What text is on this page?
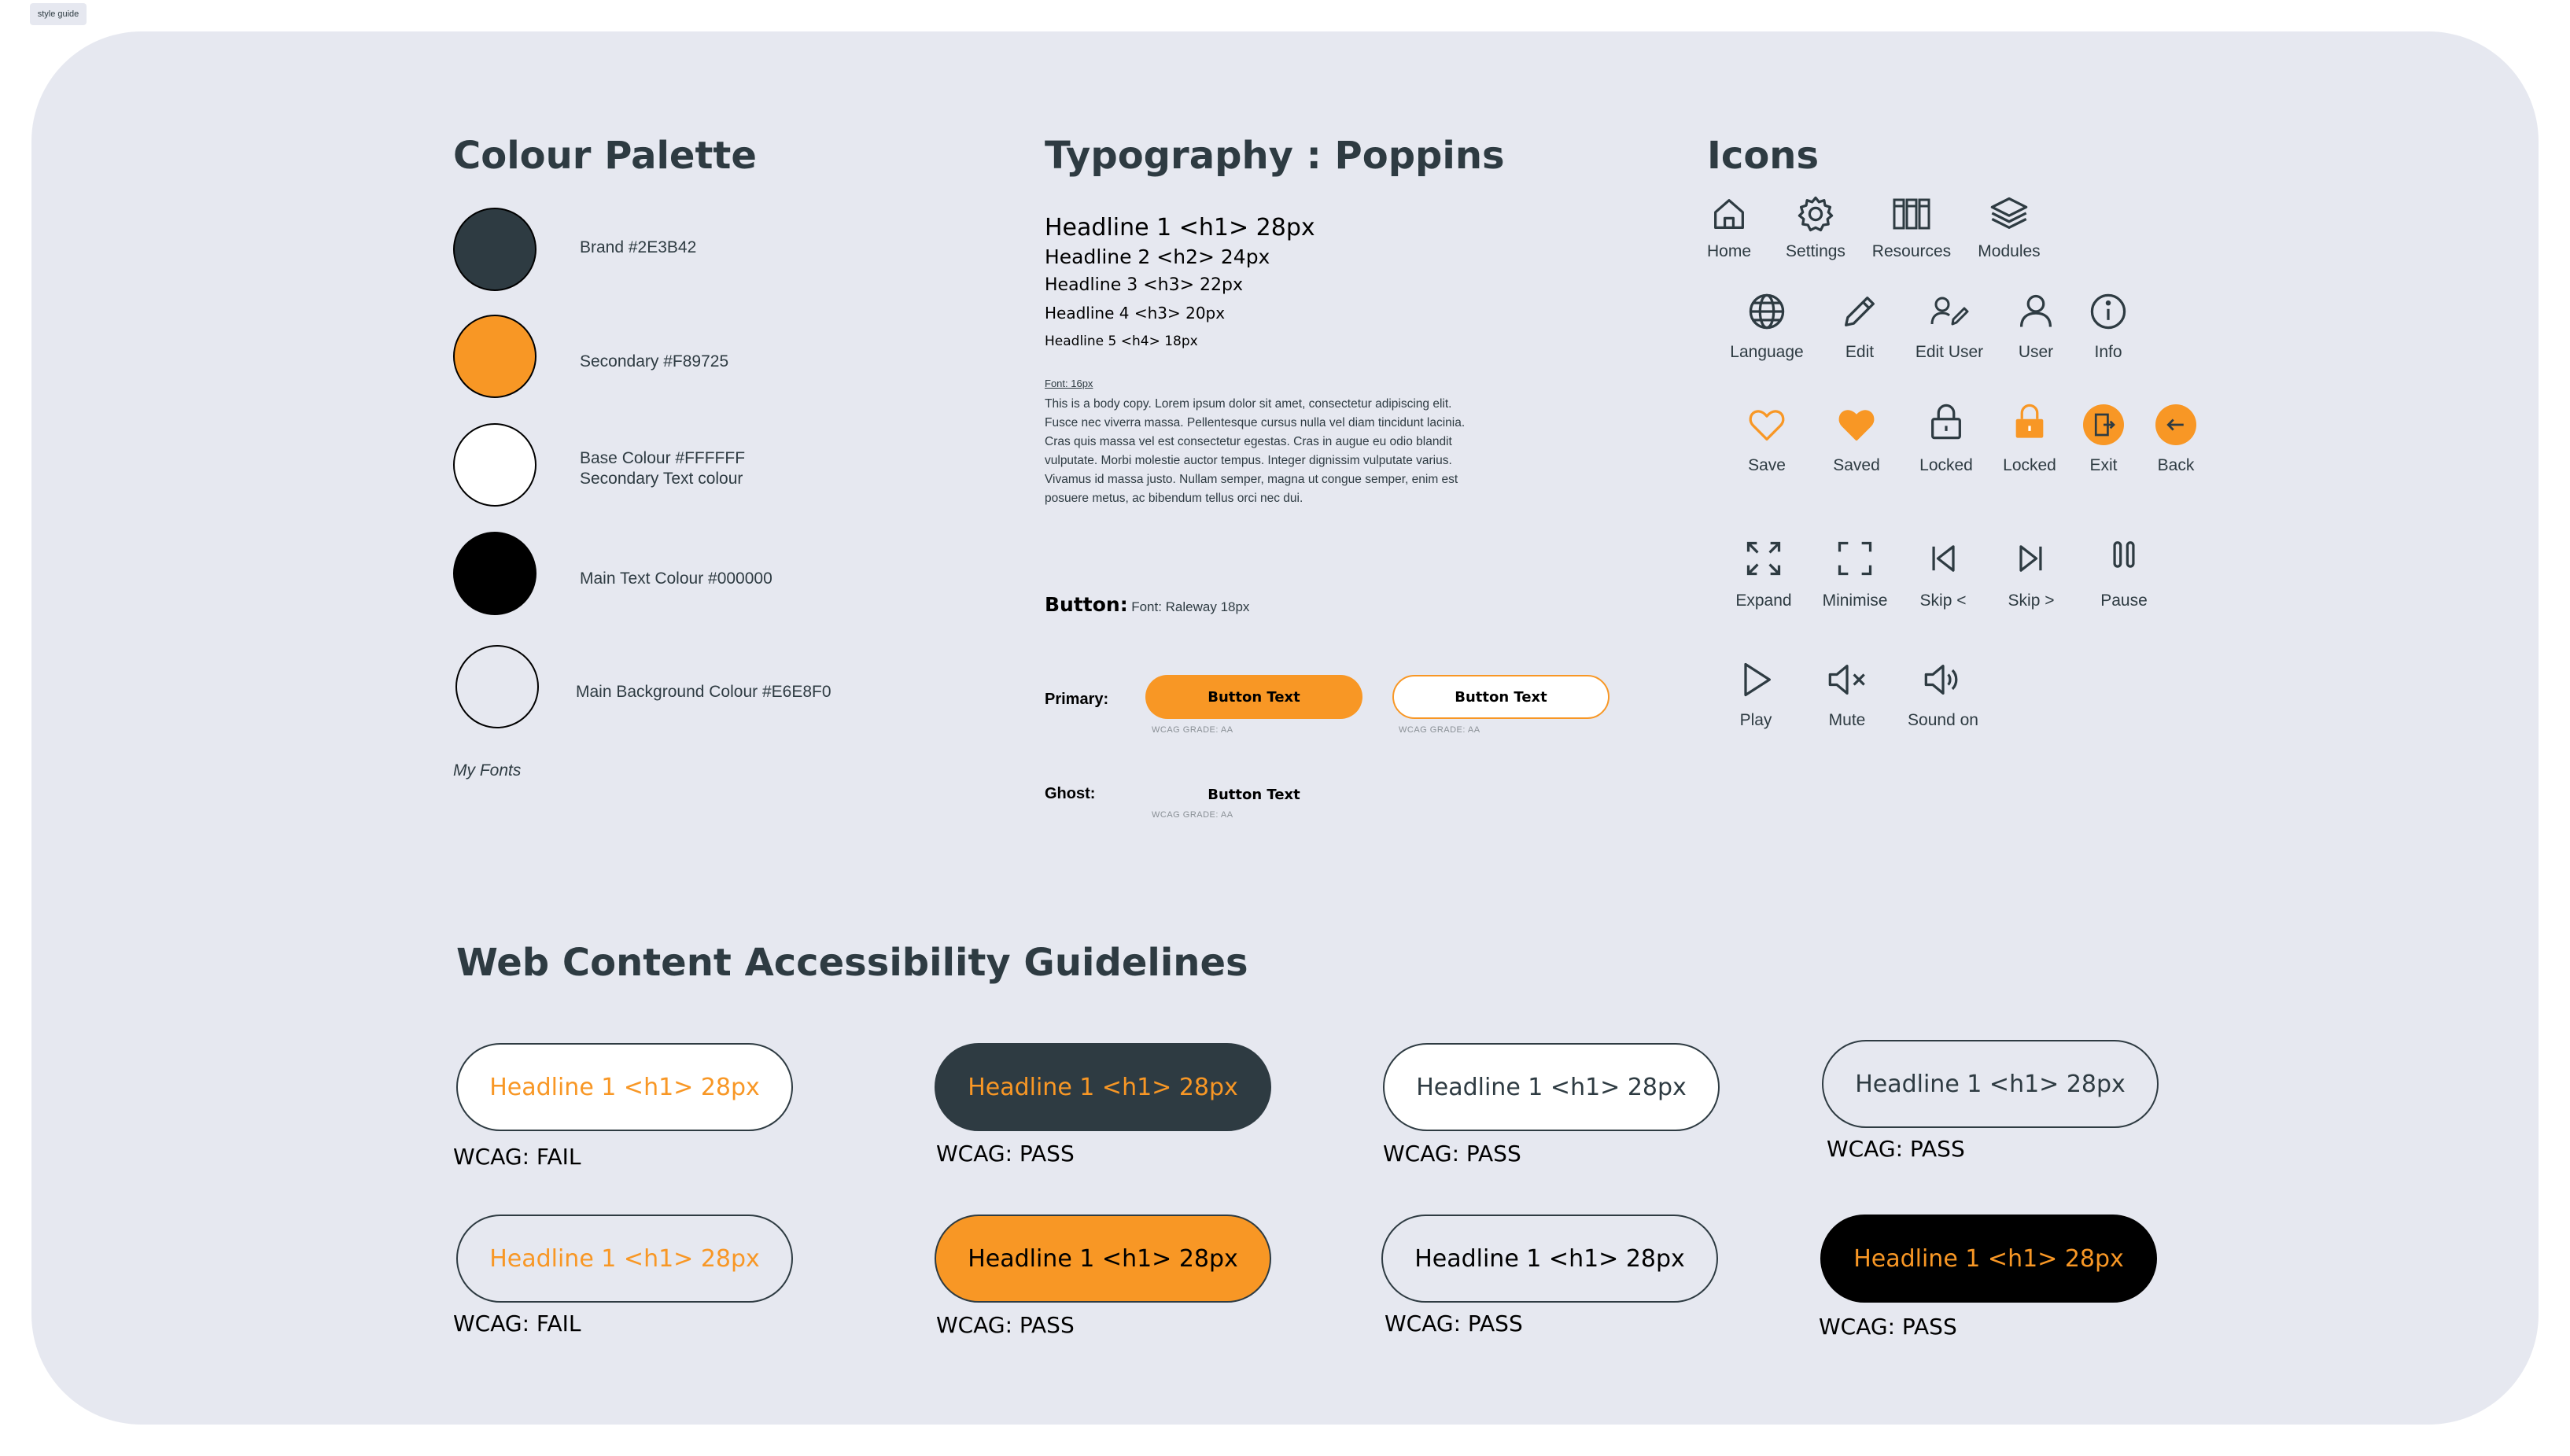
style guide
Colour Palette
Brand #2E3B42
Secondary #F89725
Base Colour #FFFFFF
Secondary Text colour
Main Text Colour #000000
Main Background Colour #E6E8F0
My Fonts
Typography : Poppins
Headline 1 <h1> 28px
Headline 2 <h2> 24px
Headline 3 <h3> 22px
Headline 4 <h3> 20px
Headline 5 <h4> 18px
Font: 16px
This is a body copy. Lorem ipsum dolor sit amet, consectetur adipiscing elit.
Fusce nec viverra massa. Pellentesque cursus nulla vel diam tincidunt lacinia.
Cras quis massa vel est consectetur egestas. Cras in augue eu odio blandit
vulputate. Morbi molestie auctor tempus. Integer dignissim vulputate varius.
Vivamus id massa justo. Nullam semper, magna ut congue semper, enim est
posuere metus, ac bibendum tellus orci nec dui.
Button: Font: Raleway 18px
Primary:	Button Text
WCAG GRADE: AA
Button Text
WCAG GRADE: AA
Ghost:	Button Text
WCAG GRADE: AA
Icons
Home	Settings	Resources	Modules
Language	Edit	Edit User	User	Info
Save	Saved	Locked	Locked	Exit	Back
Expand	Minimise	Skip <	Skip >	Pause
Play	Mute	Sound on
Web Content Accessibility Guidelines
Headline 1 <h1> 28px
WCAG: FAIL
Headline 1 <h1> 28px
WCAG: PASS
Headline 1 <h1> 28px
WCAG: PASS
Headline 1 <h1> 28px
WCAG: PASS
Headline 1 <h1> 28px
WCAG: FAIL
Headline 1 <h1> 28px
WCAG: PASS
Headline 1 <h1> 28px
WCAG: PASS
Headline 1 <h1> 28px
WCAG: PASS
